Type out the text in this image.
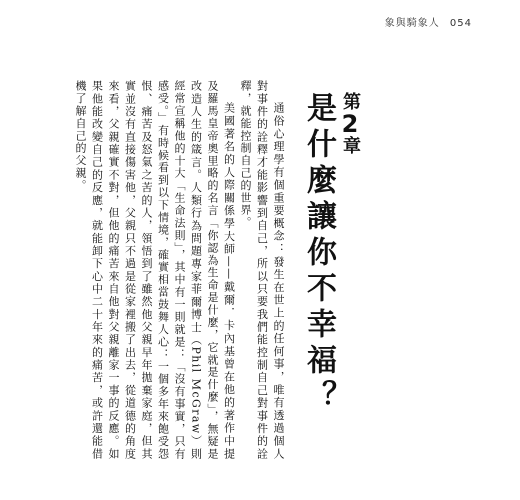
象與騎象人 054
第2章
是什麼讓你不幸福？

通俗心理學有個重要概念：發生在世上的任何事，唯有透過個人對事件的詮釋才能影響到自己，所以只要我們能控制自己對事件的詮釋，就能控制自己的世界。

美國著名的人際關係學大師——戴爾．卡內基曾在他的著作中提及羅馬皇帝奧里略的名言「你認為生命是什麼，它就是什麼」，無疑是改造人生的箴言。人類行為問題專家菲爾博士（Phil McGraw）則經常宣稱他的十大「生命法則」，其中有一則就是：「沒有事實，只有感受。」有時候看到以下情境，確實相當鼓舞人心：一個多年來飽受怨恨、痛苦及怒氣之苦的人，領悟到了雖然他父親早年拋棄家庭，但其實並沒有直接傷害他，父親只不過是從家裡搬了出去，從道德的角度來看，父親確實不對，但他的痛苦來自他對父親離家一事的反應。如果他能改變自己的反應，就能卸下心中二十年來的痛苦，或許還能借機了解自己的父親。
